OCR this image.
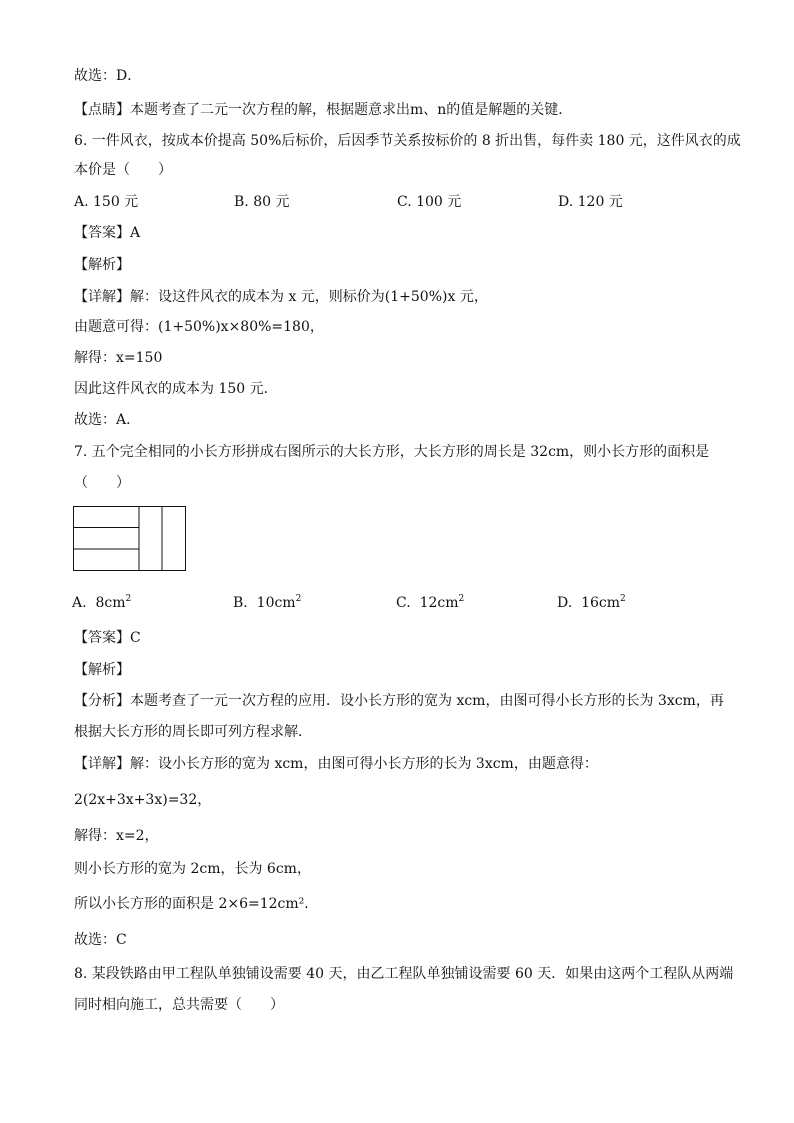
故选：D．
【点睛】本题考查了二元一次方程的解，根据题意求出m、n的值是解题的关键．
6. 一件风衣，按成本价提高 50%后标价，后因季节关系按标价的 8 折出售，每件卖 180 元，这件风衣的成
本价是（　　）
A. 150 元	B. 80 元	C. 100 元	D. 120 元
【答案】A
【解析】
【详解】解：设这件风衣的成本为 x 元，则标价为(1+50%)x 元，
由题意可得：(1+50%)x×80%=180，
解得：x=150
因此这件风衣的成本为 150 元．
故选：A．
7. 五个完全相同的小长方形拼成右图所示的大长方形，大长方形的周长是 32cm，则小长方形的面积是
（　　）
A. $8cm^2$	B. $10cm^2$	C. $12cm^2$	D. $16cm^2$
【答案】C
【解析】
【分析】本题考查了一元一次方程的应用．设小长方形的宽为 xcm，由图可得小长方形的长为 3xcm，再
根据大长方形的周长即可列方程求解．
【详解】解：设小长方形的宽为 xcm，由图可得小长方形的长为 3xcm，由题意得：
2(2x+3x+3x)=32，
解得：x=2，
则小长方形的宽为 2cm，长为 6cm，
所以小长方形的面积是 2×6=12cm²．
故选：C
8. 某段铁路由甲工程队单独铺设需要 40 天，由乙工程队单独铺设需要 60 天．如果由这两个工程队从两端
同时相向施工，总共需要（　　）
